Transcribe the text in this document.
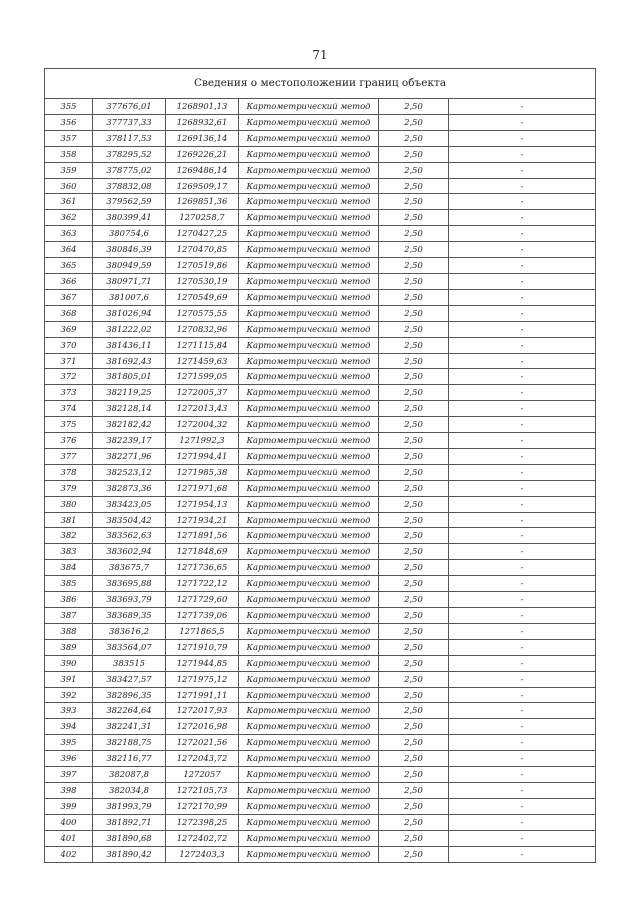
71
Сведения о местоположении границ объекта					
355	377676,01	1268901,13	Картометрический метод	2,50	-
356	377737,33	1268932,61	Картометрический метод	2,50	-
357	378117,53	1269136,14	Картометрический метод	2,50	-
358	378295,52	1269226,21	Картометрический метод	2,50	-
359	378775,02	1269486,14	Картометрический метод	2,50	-
360	378832,08	1269509,17	Картометрический метод	2,50	-
361	379562,59	1269851,36	Картометрический метод	2,50	-
362	380399,41	1270258,7	Картометрический метод	2,50	-
363	380754,6	1270427,25	Картометрический метод	2,50	-
364	380846,39	1270470,85	Картометрический метод	2,50	-
365	380949,59	1270519,86	Картометрический метод	2,50	-
366	380971,71	1270530,19	Картометрический метод	2,50	-
367	381007,6	1270549,69	Картометрический метод	2,50	-
368	381026,94	1270575,55	Картометрический метод	2,50	-
369	381222,02	1270832,96	Картометрический метод	2,50	-
370	381436,11	1271115,84	Картометрический метод	2,50	-
371	381692,43	1271459,63	Картометрический метод	2,50	-
372	381805,01	1271599,05	Картометрический метод	2,50	-
373	382119,25	1272005,37	Картометрический метод	2,50	-
374	382128,14	1272013,43	Картометрический метод	2,50	-
375	382182,42	1272004,32	Картометрический метод	2,50	-
376	382239,17	1271992,3	Картометрический метод	2,50	-
377	382271,96	1271994,41	Картометрический метод	2,50	-
378	382523,12	1271985,38	Картометрический метод	2,50	-
379	382873,36	1271971,68	Картометрический метод	2,50	-
380	383423,05	1271954,13	Картометрический метод	2,50	-
381	383504,42	1271934,21	Картометрический метод	2,50	-
382	383562,63	1271891,56	Картометрический метод	2,50	-
383	383602,94	1271848,69	Картометрический метод	2,50	-
384	383675,7	1271736,65	Картометрический метод	2,50	-
385	383695,88	1271722,12	Картометрический метод	2,50	-
386	383693,79	1271729,60	Картометрический метод	2,50	-
387	383689,35	1271739,06	Картометрический метод	2,50	-
388	383616,2	1271865,5	Картометрический метод	2,50	-
389	383564,07	1271910,79	Картометрический метод	2,50	-
390	383515	1271944,85	Картометрический метод	2,50	-
391	383427,57	1271975,12	Картометрический метод	2,50	-
392	382896,35	1271991,11	Картометрический метод	2,50	-
393	382264,64	1272017,93	Картометрический метод	2,50	-
394	382241,31	1272016,98	Картометрический метод	2,50	-
395	382188,75	1272021,56	Картометрический метод	2,50	-
396	382116,77	1272043,72	Картометрический метод	2,50	-
397	382087,8	1272057	Картометрический метод	2,50	-
398	382034,8	1272105,73	Картометрический метод	2,50	-
399	381993,79	1272170,99	Картометрический метод	2,50	-
400	381892,71	1272398,25	Картометрический метод	2,50	-
401	381890,68	1272402,72	Картометрический метод	2,50	-
402	381890,42	1272403,3	Картометрический метод	2,50	-
